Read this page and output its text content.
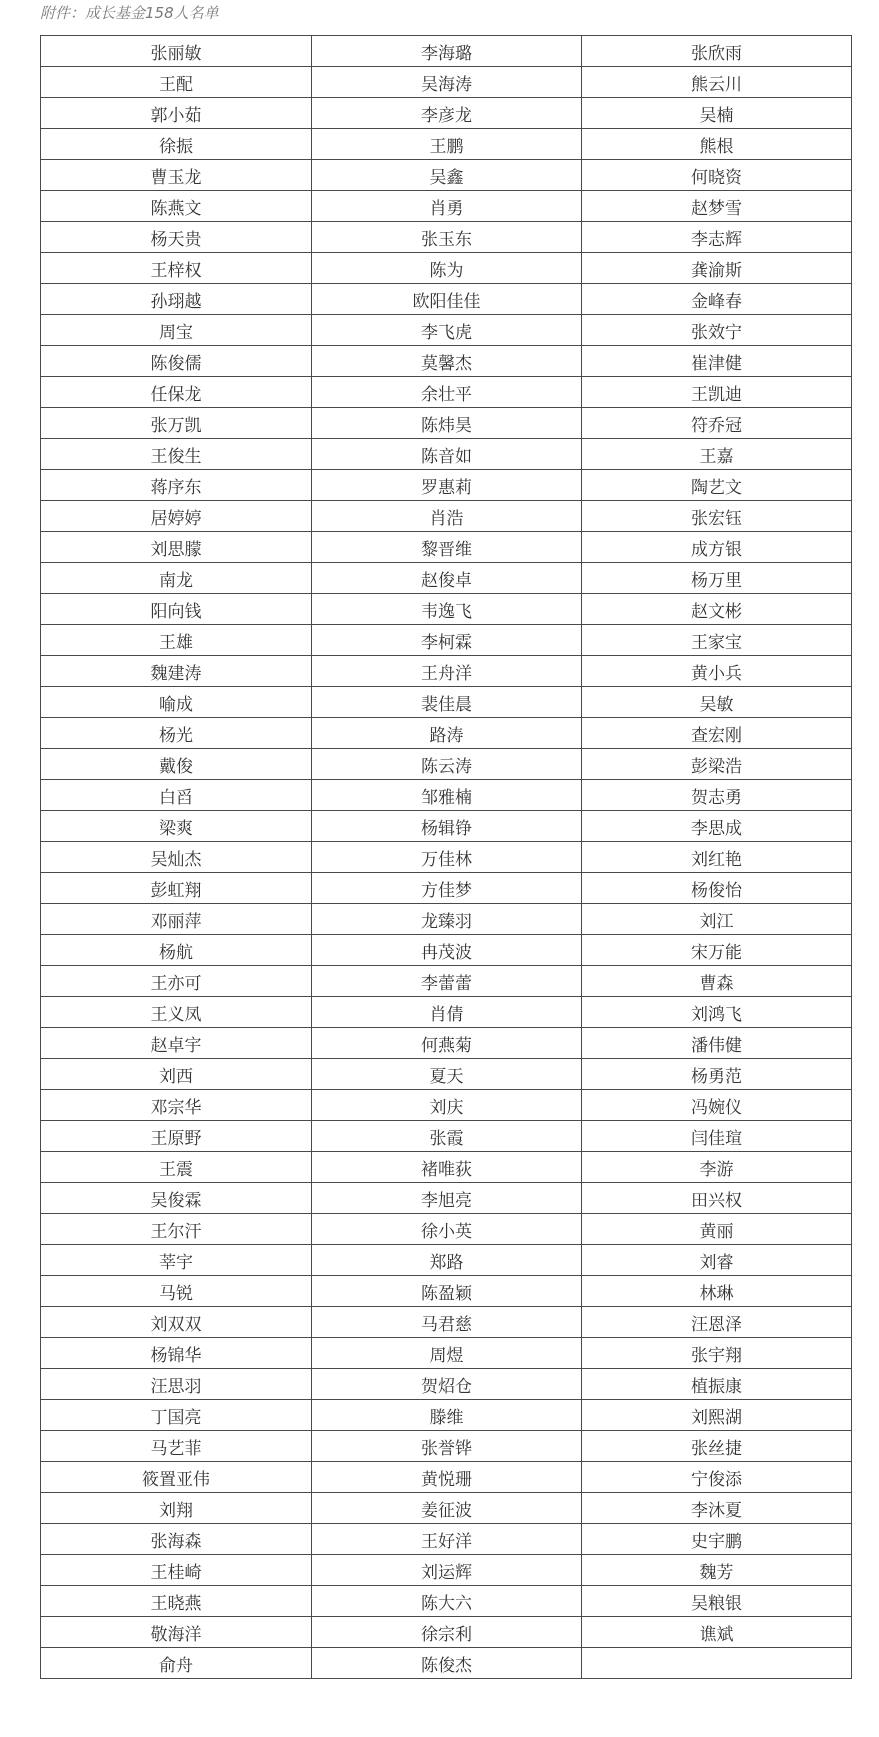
附件：成长基金158人名单
张丽敏	李海璐	张欣雨
王配	吴海涛	熊云川
郭小茹	李彦龙	吴楠
徐振	王鹏	熊根
曹玉龙	吴鑫	何晓资
陈燕文	肖勇	赵梦雪
杨天贵	张玉东	李志辉
王梓权	陈为	龚渝斯
孙珝越	欧阳佳佳	金峰春
周宝	李飞虎	张效宁
陈俊儒	莫馨杰	崔津健
任保龙	余壮平	王凯迪
张万凯	陈炜昊	符乔冠
王俊生	陈音如	王嘉
蒋序东	罗惠莉	陶艺文
居婷婷	肖浩	张宏钰
刘思朦	黎晋维	成方银
南龙	赵俊卓	杨万里
阳向钱	韦逸飞	赵文彬
王雄	李柯霖	王家宝
魏建涛	王舟洋	黄小兵
喻成	裴佳晨	吴敏
杨光	路涛	查宏刚
戴俊	陈云涛	彭梁浩
白舀	邹雅楠	贺志勇
梁爽	杨辑铮	李思成
吴灿杰	万佳林	刘红艳
彭虹翔	方佳梦	杨俊怡
邓丽萍	龙臻羽	刘江
杨航	冉茂波	宋万能
王亦可	李蕾蕾	曹森
王义凤	肖倩	刘鸿飞
赵卓宇	何燕菊	潘伟健
刘西	夏天	杨勇范
邓宗华	刘庆	冯婉仪
王原野	张霞	闫佳瑄
王震	褚唯荻	李游
吴俊霖	李旭亮	田兴权
王尔汗	徐小英	黄丽
莘宇	郑路	刘睿
马锐	陈盈颖	林琳
刘双双	马君慈	汪恩泽
杨锦华	周煜	张宇翔
汪思羽	贺炤仓	植振康
丁国亮	滕维	刘熙湖
马艺菲	张誉铧	张丝捷
筱置亚伟	黄悦珊	宁俊添
刘翔	姜征波	李沐夏
张海森	王好洋	史宇鹏
王桂崎	刘运辉	魏芳
王晓燕	陈大六	吴粮银
敬海洋	徐宗利	谯斌
俞舟	陈俊杰	
